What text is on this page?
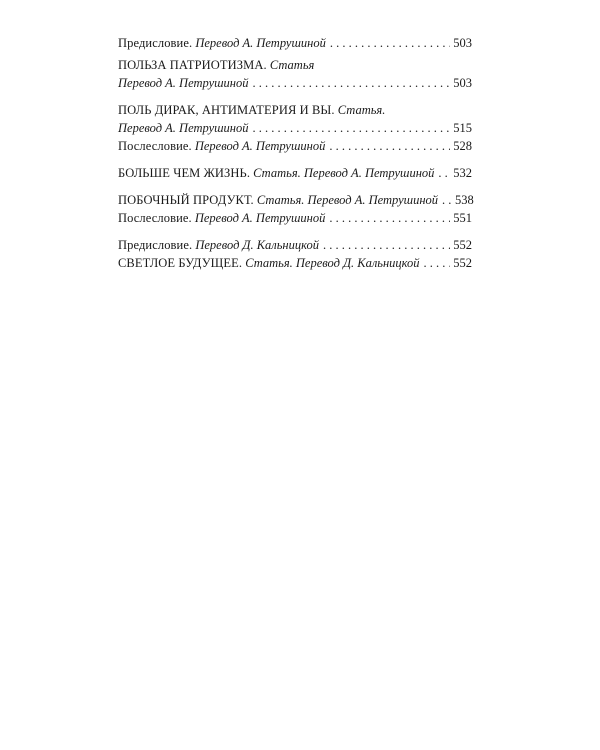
Предисловие.
Перевод А. Петрушиной . . .	503
ПОЛЬЗА ПАТРИОТИЗМА.
Статья
Перевод А. Петрушиной . . .	503
ПОЛЬ ДИРАК, АНТИМАТЕРИЯ И ВЫ.
Статья.
Перевод А. Петрушиной . . .	515
Послесловие.
Перевод А. Петрушиной . . .	528
БОЛЬШЕ ЧЕМ ЖИЗНЬ.
Статья. Перевод А. Петрушиной . . . 532
ПОБОЧНЫЙ ПРОДУКТ.
Статья. Перевод А. Петрушиной . . . 538
Послесловие.
Перевод А. Петрушиной . . .	551
Предисловие.
Перевод Д. Кальницкой . . .	552
СВЕТЛОЕ БУДУЩЕЕ.
Статья. Перевод Д. Кальницкой . . .	552
